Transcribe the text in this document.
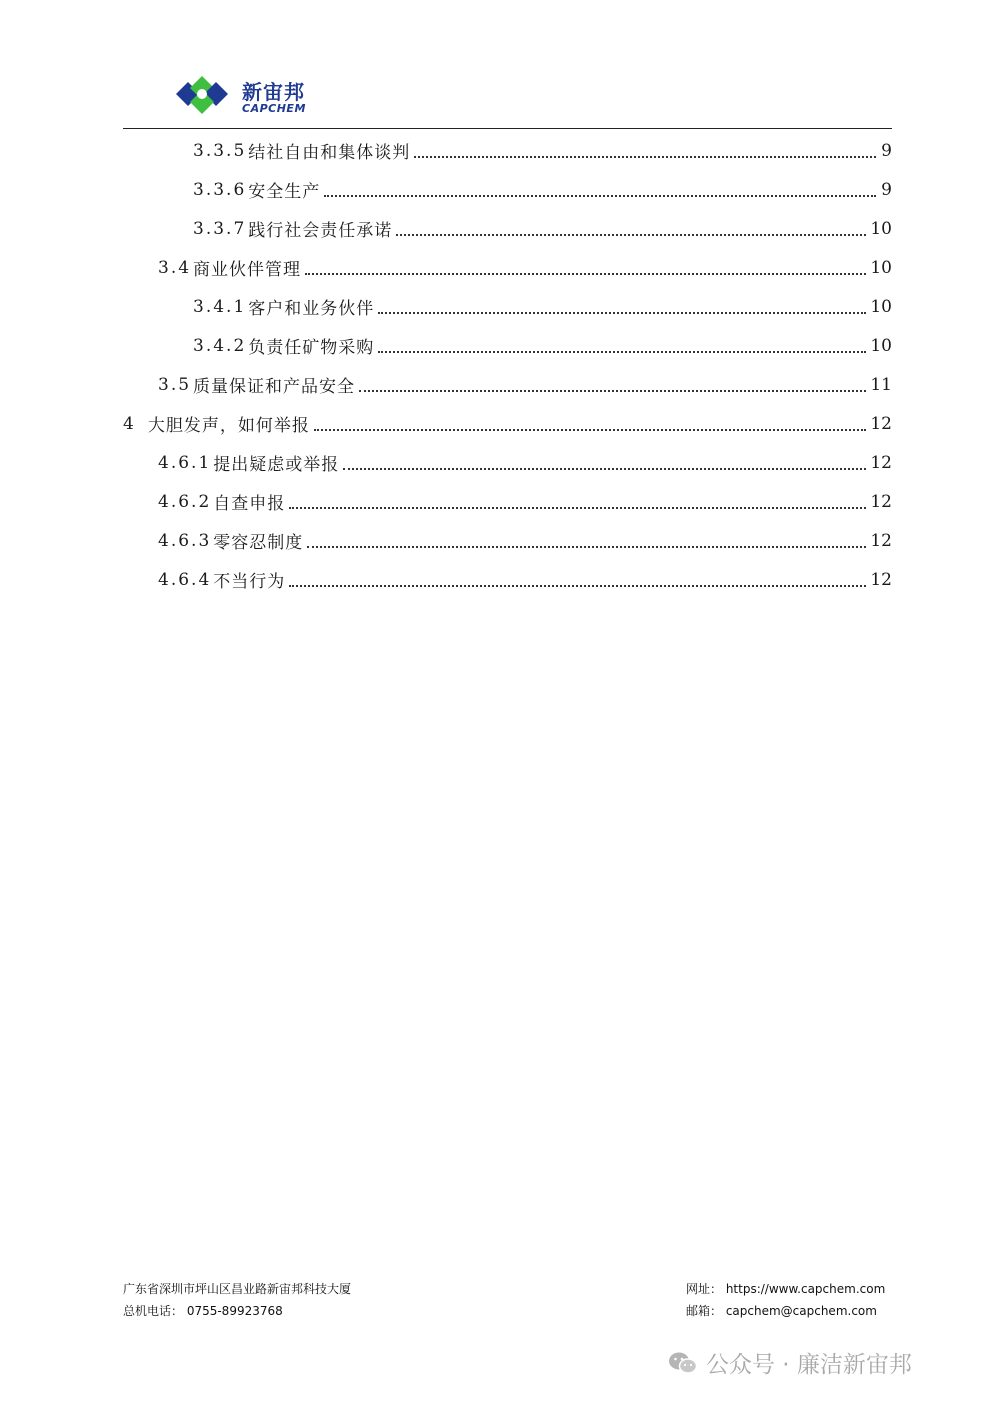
新宙邦
CAPCHEM
3.3.5 结社自由和集体谈判	9
3.3.6 安全生产	9
3.3.7 践行社会责任承诺	10
3.4 商业伙伴管理	10
3.4.1 客户和业务伙伴	10
3.4.2 负责任矿物采购	10
3.5 质量保证和产品安全	11
4 大胆发声，如何举报	12
4.6.1 提出疑虑或举报	12
4.6.2 自查申报	12
4.6.3 零容忍制度	12
4.6.4 不当行为	12
广东省深圳市坪山区昌业路新宙邦科技大厦	网址： https://www.capchem.com
总机电话： 0755-89923768	邮箱： capchem@capchem.com
公众号 · 廉洁新宙邦
